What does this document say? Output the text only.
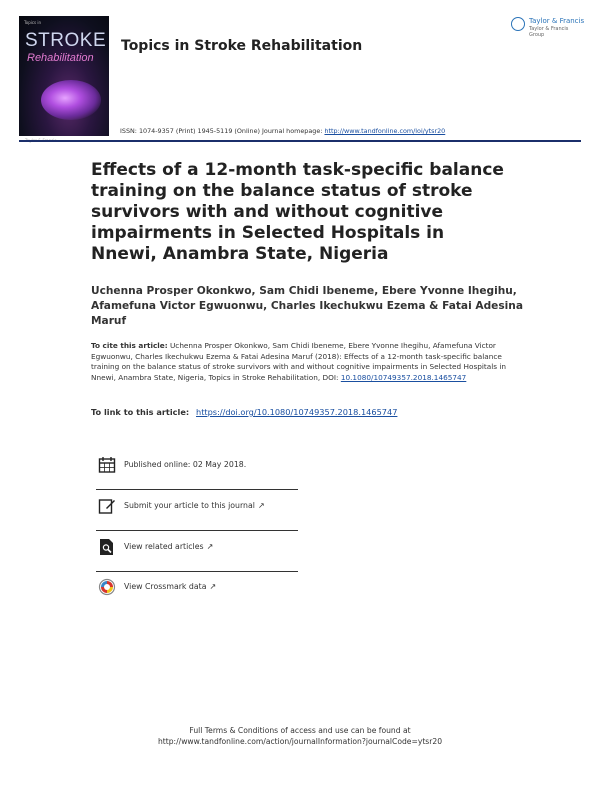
Topics in
STROKE
Rehabilitation
Topics in Stroke Rehabilitation
Taylor & Francis
Taylor & Francis Group
ISSN: 1074-9357 (Print) 1945-5119 (Online) Journal homepage: http://www.tandfonline.com/loi/ytsr20
Effects of a 12-month task-specific balance training on the balance status of stroke survivors with and without cognitive impairments in Selected Hospitals in Nnewi, Anambra State, Nigeria
Uchenna Prosper Okonkwo, Sam Chidi Ibeneme, Ebere Yvonne Ihegihu, Afamefuna Victor Egwuonwu, Charles Ikechukwu Ezema & Fatai Adesina Maruf
To cite this article: Uchenna Prosper Okonkwo, Sam Chidi Ibeneme, Ebere Yvonne Ihegihu, Afamefuna Victor Egwuonwu, Charles Ikechukwu Ezema & Fatai Adesina Maruf (2018): Effects of a 12-month task-specific balance training on the balance status of stroke survivors with and without cognitive impairments in Selected Hospitals in Nnewi, Anambra State, Nigeria, Topics in Stroke Rehabilitation, DOI: 10.1080/10749357.2018.1465747
To link to this article: https://doi.org/10.1080/10749357.2018.1465747
Published online: 02 May 2018.
Submit your article to this journal ↗
View related articles ↗
View Crossmark data ↗
Full Terms & Conditions of access and use can be found at
http://www.tandfonline.com/action/journalInformation?journalCode=ytsr20
